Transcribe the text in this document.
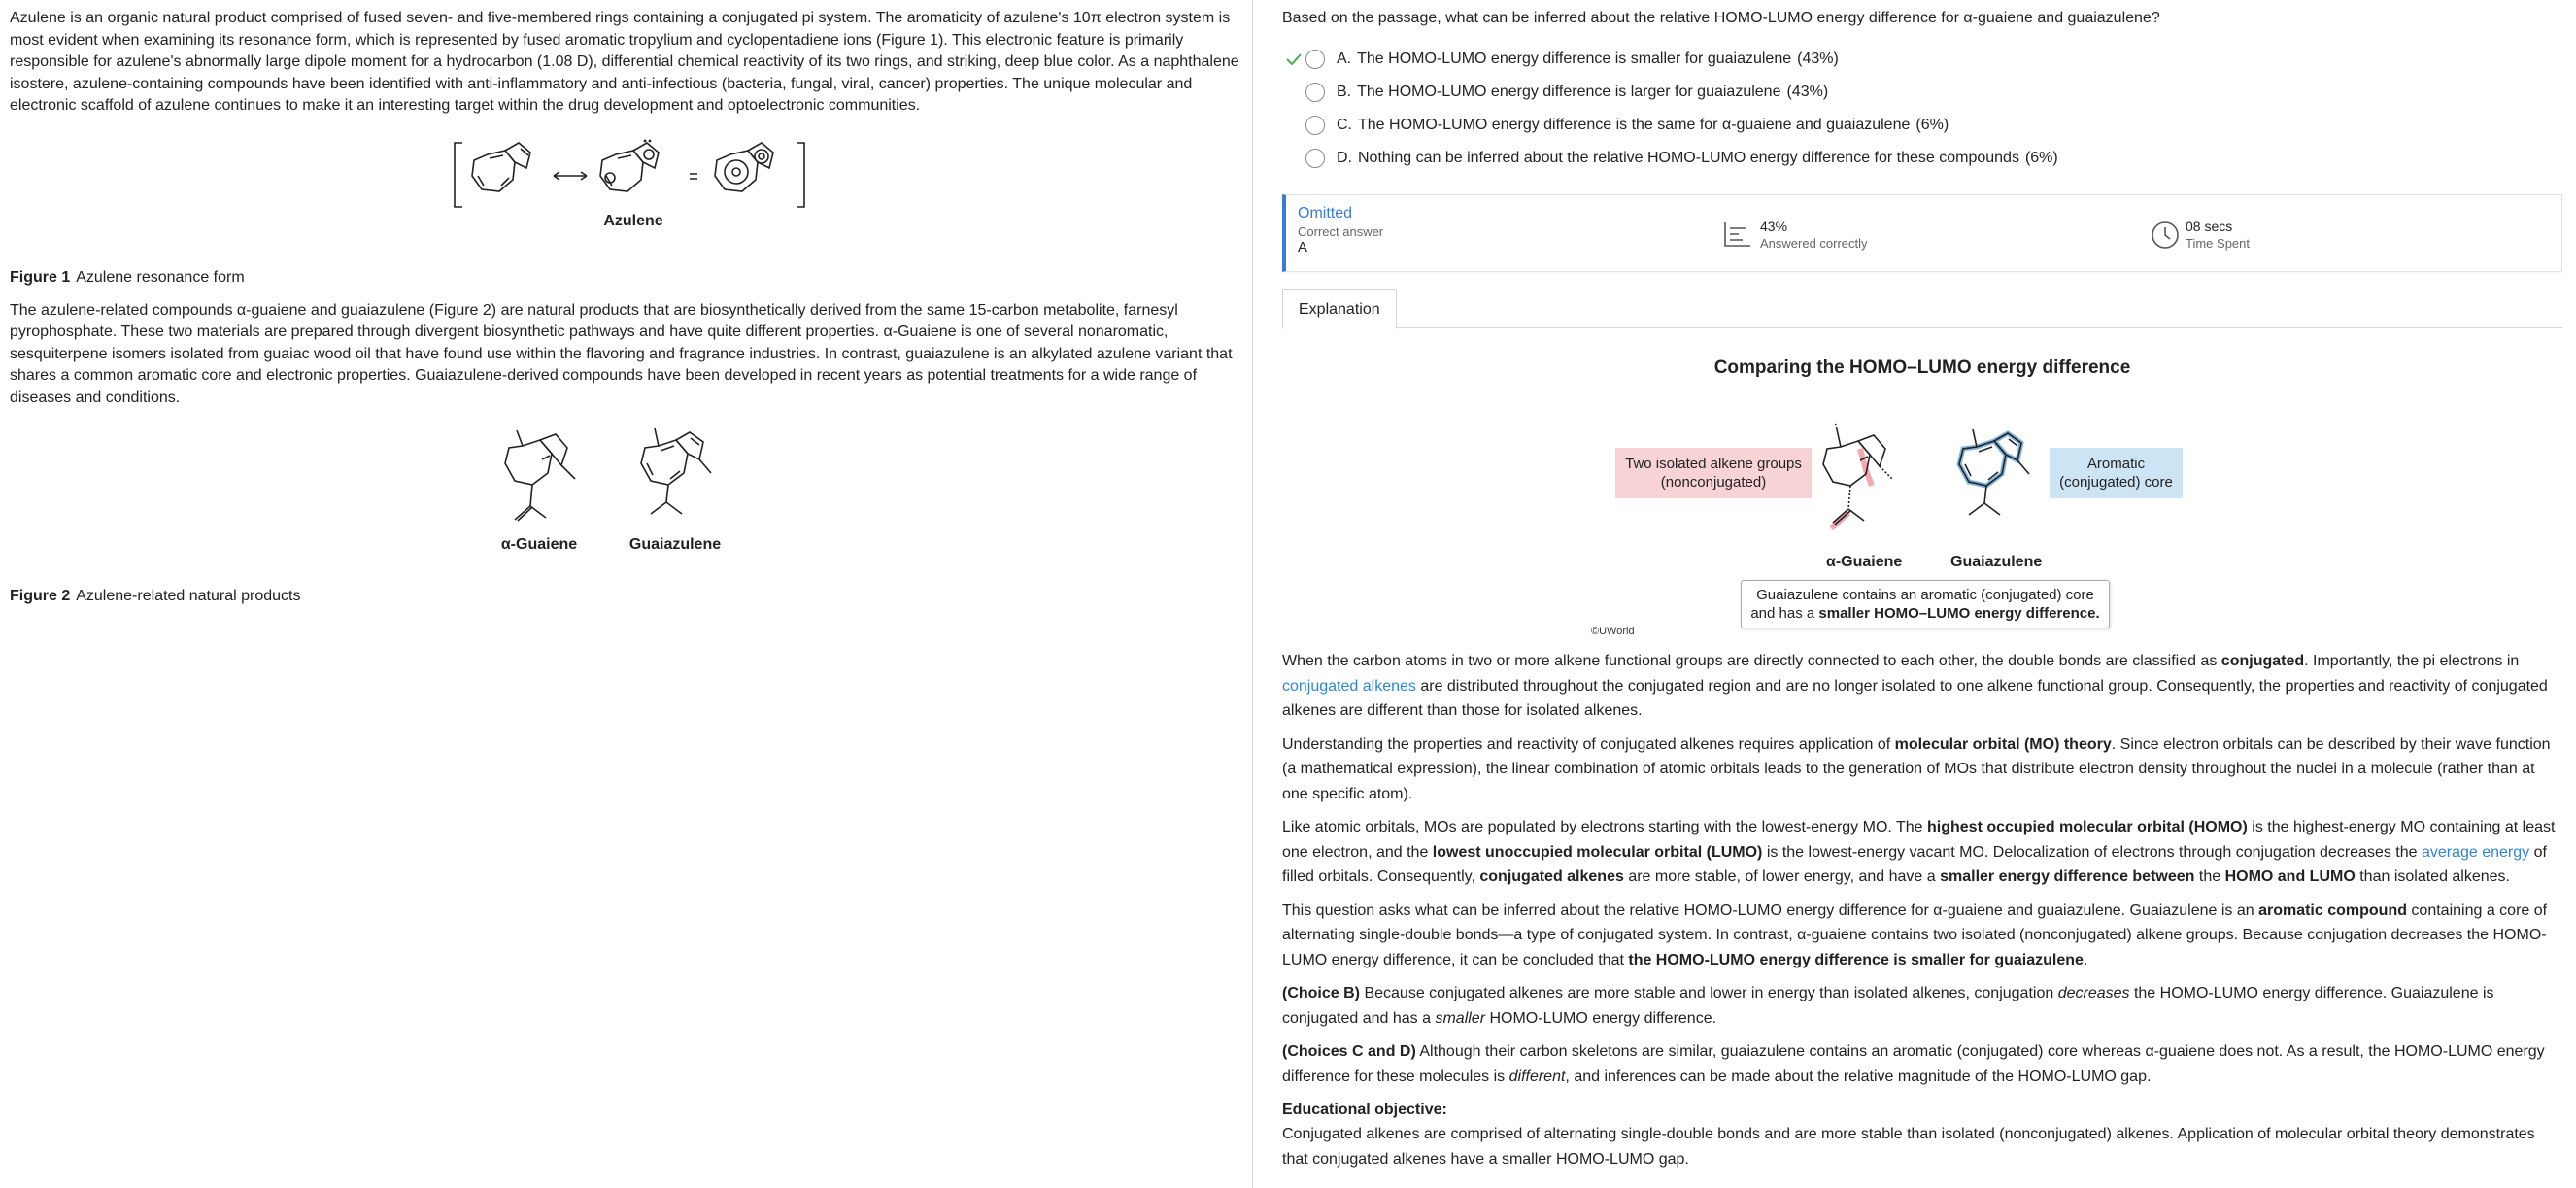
Azulene is an organic natural product comprised of fused seven- and five-membered rings containing a conjugated pi system. The aromaticity of azulene's 10π electron system is most evident when examining its resonance form, which is represented by fused aromatic tropylium and cyclopentadiene ions (Figure 1). This electronic feature is primarily responsible for azulene's abnormally large dipole moment for a hydrocarbon (1.08 D), differential chemical reactivity of its two rings, and striking, deep blue color. As a naphthalene isostere, azulene-containing compounds have been identified with anti-inflammatory and anti-infectious (bacteria, fungal, viral, cancer) properties. The unique molecular and electronic scaffold of azulene continues to make it an interesting target within the drug development and optoelectronic communities.

Azulene
Figure 1 Azulene resonance form

The azulene-related compounds α-guaiene and guaiazulene (Figure 2) are natural products that are biosynthetically derived from the same 15-carbon metabolite, farnesyl pyrophosphate. These two materials are prepared through divergent biosynthetic pathways and have quite different properties. α-Guaiene is one of several nonaromatic, sesquiterpene isomers isolated from guaiac wood oil that have found use within the flavoring and fragrance industries. In contrast, guaiazulene is an alkylated azulene variant that shares a common aromatic core and electronic properties. Guaiazulene-derived compounds have been developed in recent years as potential treatments for a wide range of diseases and conditions.

α-Guaiene	Guaiazulene
Figure 2 Azulene-related natural products
Based on the passage, what can be inferred about the relative HOMO-LUMO energy difference for α-guaiene and guaiazulene?
A. The HOMO-LUMO energy difference is smaller for guaiazulene (43%)
B. The HOMO-LUMO energy difference is larger for guaiazulene (43%)
C. The HOMO-LUMO energy difference is the same for α-guaiene and guaiazulene (6%)
D. Nothing can be inferred about the relative HOMO-LUMO energy difference for these compounds (6%)
Omitted
Correct answer
A
43%
Answered correctly
08 secs
Time Spent
Explanation
Comparing the HOMO–LUMO energy difference
Two isolated alkene groups
(nonconjugated)
Aromatic
(conjugated) core
α-Guaiene	Guaiazulene
Guaiazulene contains an aromatic (conjugated) core
and has a smaller HOMO–LUMO energy difference.
©UWorld

When the carbon atoms in two or more alkene functional groups are directly connected to each other, the double bonds are classified as conjugated. Importantly, the pi electrons in conjugated alkenes are distributed throughout the conjugated region and are no longer isolated to one alkene functional group. Consequently, the properties and reactivity of conjugated alkenes are different than those for isolated alkenes.

Understanding the properties and reactivity of conjugated alkenes requires application of molecular orbital (MO) theory. Since electron orbitals can be described by their wave function (a mathematical expression), the linear combination of atomic orbitals leads to the generation of MOs that distribute electron density throughout the nuclei in a molecule (rather than at one specific atom).

Like atomic orbitals, MOs are populated by electrons starting with the lowest-energy MO. The highest occupied molecular orbital (HOMO) is the highest-energy MO containing at least one electron, and the lowest unoccupied molecular orbital (LUMO) is the lowest-energy vacant MO. Delocalization of electrons through conjugation decreases the average energy of filled orbitals. Consequently, conjugated alkenes are more stable, of lower energy, and have a smaller energy difference between the HOMO and LUMO than isolated alkenes.

This question asks what can be inferred about the relative HOMO-LUMO energy difference for α-guaiene and guaiazulene. Guaiazulene is an aromatic compound containing a core of alternating single-double bonds—a type of conjugated system. In contrast, α-guaiene contains two isolated (nonconjugated) alkene groups. Because conjugation decreases the HOMO-LUMO energy difference, it can be concluded that the HOMO-LUMO energy difference is smaller for guaiazulene.

(Choice B) Because conjugated alkenes are more stable and lower in energy than isolated alkenes, conjugation decreases the HOMO-LUMO energy difference. Guaiazulene is conjugated and has a smaller HOMO-LUMO energy difference.

(Choices C and D) Although their carbon skeletons are similar, guaiazulene contains an aromatic (conjugated) core whereas α-guaiene does not. As a result, the HOMO-LUMO energy difference for these molecules is different, and inferences can be made about the relative magnitude of the HOMO-LUMO gap.

Educational objective:

Conjugated alkenes are comprised of alternating single-double bonds and are more stable than isolated (nonconjugated) alkenes. Application of molecular orbital theory demonstrates that conjugated alkenes have a smaller HOMO-LUMO gap.
